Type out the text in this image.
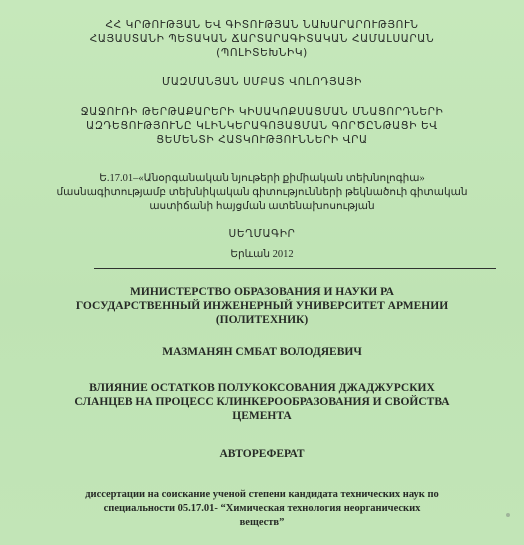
ՀՀ ԿՐԹՈՒԹՅԱՆ ԵՎ ԳԻՏՈՒԹՅԱՆ ՆԱԽԱՐԱՐՈՒԹՅՈՒՆ
ՀԱՅԱՍՏԱՆԻ ՊԵՏԱԿԱՆ ՃԱՐՏԱՐԱԳԻՏԱԿԱՆ ՀԱՄԱԼՍԱՐԱՆ
(ՊՈԼԻՏԵԽՆԻԿ)
ՄԱԶՄԱՆՅԱՆ ՍՄԲԱՏ ՎՈԼՈԴՅԱՅԻ
ՋԱՋՈՒՌԻ ԹԵՐԹԱՔԱՐԵՐԻ ԿԻՍԱԿՈՔՍԱՑՄԱՆ ՄՆԱՑՈՐԴՆԵՐԻ
ԱԶԴԵՑՈՒԹՅՈՒՆԸ ԿԼԻՆԿԵՐԱԳՈՅԱՑՄԱՆ ԳՈՐԾԸՆԹԱՑԻ ԵՎ
ՑԵՄԵՆՏԻ ՀԱՏԿՈՒԹՅՈՒՆՆԵՐԻ ՎՐԱ
Ե.17.01–«Անօրգանական նյութերի քիմիական տեխնոլոգիա»
մասնագիտությամբ տեխնիկական գիտությունների թեկնածուի գիտական
աստիճանի հայցման ատենախոսության
ՍԵՂՄԱԳԻՐ
Երևան 2012
МИНИСТЕРСТВО ОБРАЗОВАНИЯ И НАУКИ РА
ГОСУДАРСТВЕННЫЙ ИНЖЕНЕРНЫЙ УНИВЕРСИТЕТ АРМЕНИИ
(ПОЛИТЕХНИК)
МАЗМАНЯН СМБАТ ВОЛОДЯЕВИЧ
ВЛИЯНИЕ ОСТАТКОВ ПОЛУКОКСОВАНИЯ ДЖАДЖУРСКИХ
СЛАНЦЕВ НА ПРОЦЕСС КЛИНКЕРООБРАЗОВАНИЯ И СВОЙСТВА
ЦЕМЕНТА
АВТОРЕФЕРАТ
диссертации на соискание ученой степени кандидата технических наук по
специальности 05.17.01- “Химическая технология неорганических
веществ”
